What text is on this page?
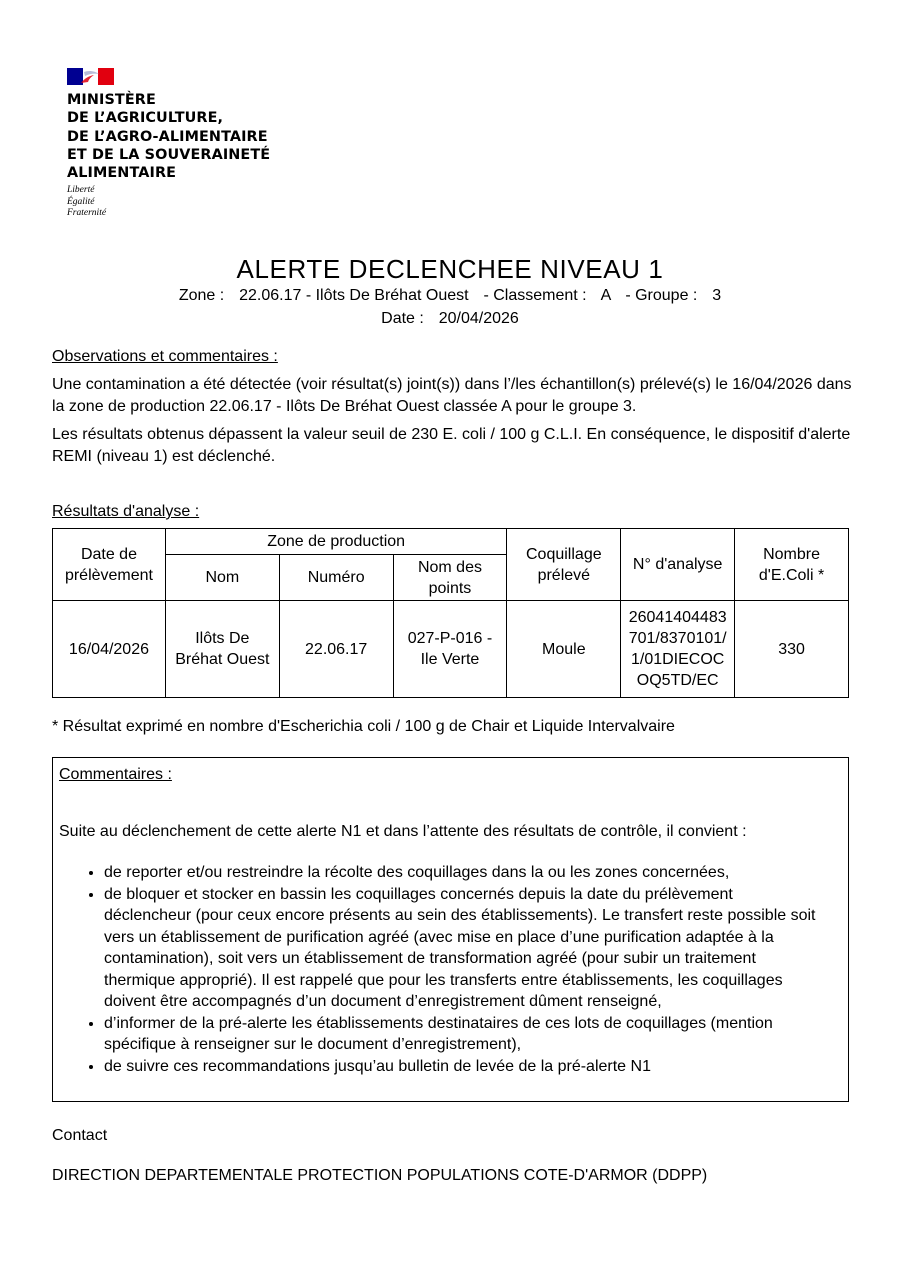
MINISTÈRE
DE L’AGRICULTURE,
DE L’AGRO-ALIMENTAIRE
ET DE LA SOUVERAINETÉ
ALIMENTAIRE
Liberté
Égalité
Fraternité
ALERTE DECLENCHEE NIVEAU 1
Zone : 22.06.17 - Ilôts De Bréhat Ouest - Classement : A - Groupe : 3
Date : 20/04/2026
Observations et commentaires :
Une contamination a été détectée (voir résultat(s) joint(s)) dans l’/les échantillon(s) prélevé(s) le 16/04/2026 dans la zone de production 22.06.17 - Ilôts De Bréhat Ouest classée A pour le groupe 3.
Les résultats obtenus dépassent la valeur seuil de 230 E. coli / 100 g C.L.I. En conséquence, le dispositif d'alerte REMI (niveau 1) est déclenché.
Résultats d'analyse :
Date de prélèvement	Zone de production			Coquillage prélevé	N° d'analyse	Nombre d'E.Coli *
	Nom	Numéro	Nom des points			
16/04/2026	Ilôts De Bréhat Ouest	22.06.17	027-P-016 - Ile Verte	Moule	26041404483701/8370101/1/01DIECOCOQ5TD/EC	330
* Résultat exprimé en nombre d'Escherichia coli / 100 g de Chair et Liquide Intervalvaire
Commentaires :
Suite au déclenchement de cette alerte N1 et dans l’attente des résultats de contrôle, il convient :
• de reporter et/ou restreindre la récolte des coquillages dans la ou les zones concernées,
• de bloquer et stocker en bassin les coquillages concernés depuis la date du prélèvement déclencheur (pour ceux encore présents au sein des établissements). Le transfert reste possible soit vers un établissement de purification agréé (avec mise en place d’une purification adaptée à la contamination), soit vers un établissement de transformation agréé (pour subir un traitement thermique approprié). Il est rappelé que pour les transferts entre établissements, les coquillages doivent être accompagnés d’un document d’enregistrement dûment renseigné,
• d’informer de la pré-alerte les établissements destinataires de ces lots de coquillages (mention spécifique à renseigner sur le document d’enregistrement),
• de suivre ces recommandations jusqu’au bulletin de levée de la pré-alerte N1
Contact
DIRECTION DEPARTEMENTALE PROTECTION POPULATIONS COTE-D'ARMOR (DDPP)
